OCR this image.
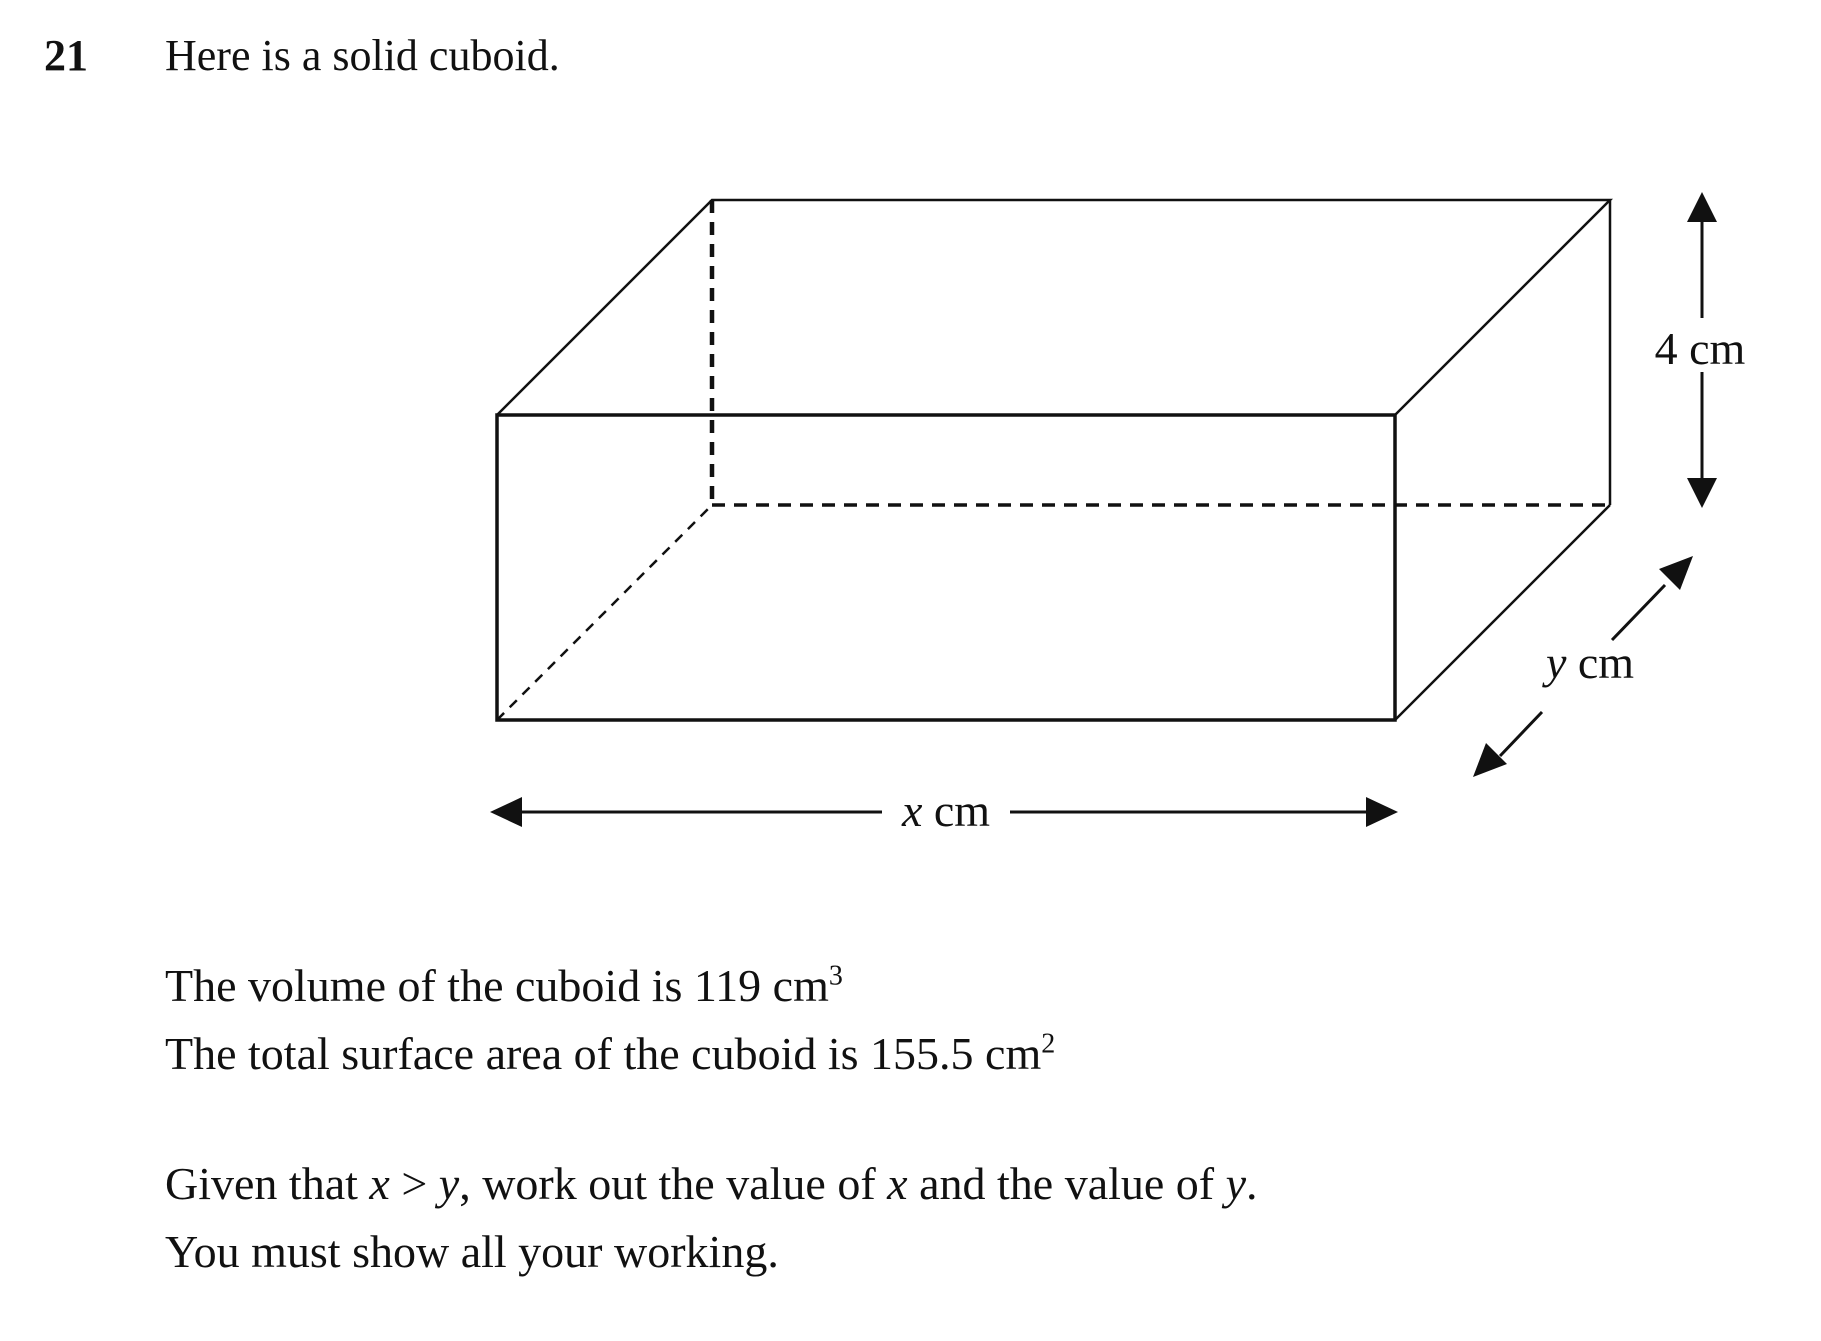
21 Here is a solid cuboid.
x cm
4 cm
y cm

The volume of the cuboid is 119 $cm^3$

The total surface area of the cuboid is 155.5 $cm^2$

Given that x > y, work out the value of x and the value of y.

You must show all your working.
